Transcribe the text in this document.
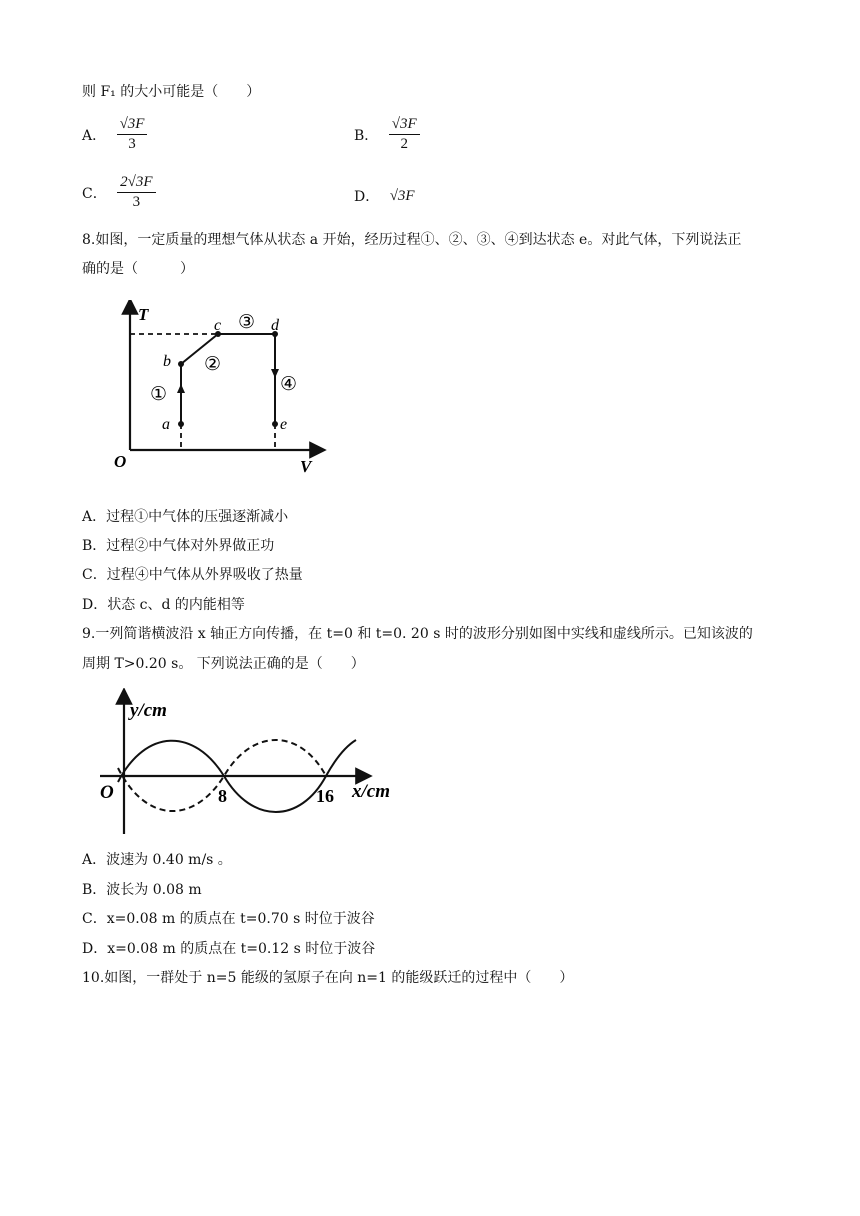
则 F₁ 的大小可能是（　　）
A． $\frac{√3F}{3}$	B． $\frac{√3F}{2}$
C． $\frac{2√3F}{3}$	D． √3F
8.如图，一定质量的理想气体从状态 a 开始，经历过程①、②、③、④到达状态 e。对此气体，下列说法正
确的是（　　　）
T
V
O
a
b
c	d
e
①
②
③
④
A．过程①中气体的压强逐渐减小
B．过程②中气体对外界做正功
C．过程④中气体从外界吸收了热量
D．状态 c、d 的内能相等
9.一列简谐横波沿 x 轴正方向传播，在 t=0 和 t=0. 20 s 时的波形分别如图中实线和虚线所示。已知该波的
周期 T>0.20 s。 下列说法正确的是（　　）
y/cm
x/cm
O	8	16
A．波速为 0.40 m/s 。
B．波长为 0.08 m
C．x=0.08 m 的质点在 t=0.70 s 时位于波谷
D．x=0.08 m 的质点在 t=0.12 s 时位于波谷
10.如图，一群处于 n=5 能级的氢原子在向 n=1 的能级跃迁的过程中（　　）
